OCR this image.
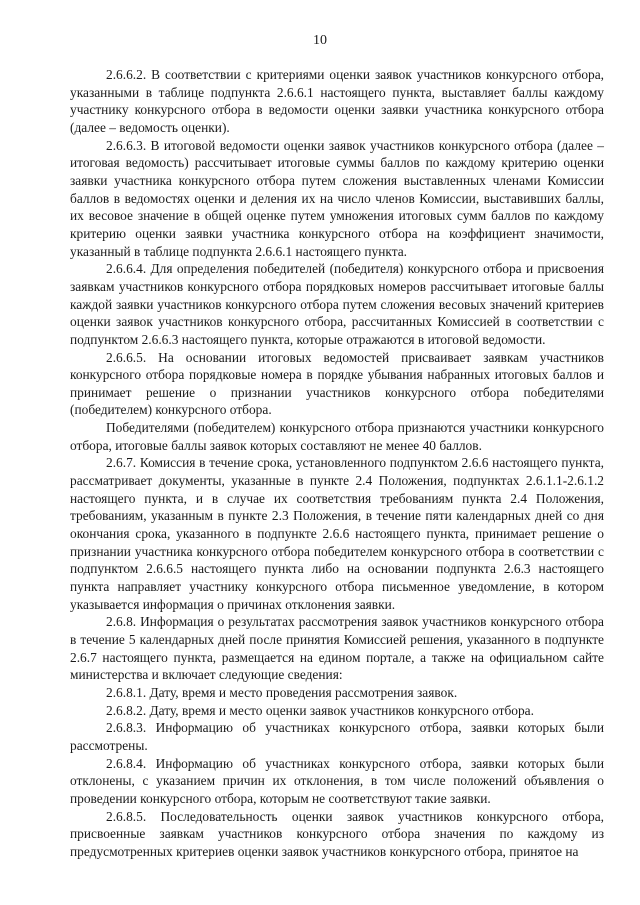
10

2.6.6.2. В соответствии с критериями оценки заявок участников конкурсного отбора, указанными в таблице подпункта 2.6.6.1 настоящего пункта, выставляет баллы каждому участнику конкурсного отбора в ведомости оценки заявки участника конкурсного отбора (далее – ведомость оценки).

2.6.6.3. В итоговой ведомости оценки заявок участников конкурсного отбора (далее – итоговая ведомость) рассчитывает итоговые суммы баллов по каждому критерию оценки заявки участника конкурсного отбора путем сложения выставленных членами Комиссии баллов в ведомостях оценки и деления их на число членов Комиссии, выставивших баллы, их весовое значение в общей оценке путем умножения итоговых сумм баллов по каждому критерию оценки заявки участника конкурсного отбора на коэффициент значимости, указанный в таблице подпункта 2.6.6.1 настоящего пункта.

2.6.6.4. Для определения победителей (победителя) конкурсного отбора и присвоения заявкам участников конкурсного отбора порядковых номеров рассчитывает итоговые баллы каждой заявки участников конкурсного отбора путем сложения весовых значений критериев оценки заявок участников конкурсного отбора, рассчитанных Комиссией в соответствии с подпунктом 2.6.6.3 настоящего пункта, которые отражаются в итоговой ведомости.

2.6.6.5. На основании итоговых ведомостей присваивает заявкам участников конкурсного отбора порядковые номера в порядке убывания набранных итоговых баллов и принимает решение о признании участников конкурсного отбора победителями (победителем) конкурсного отбора.

Победителями (победителем) конкурсного отбора признаются участники конкурсного отбора, итоговые баллы заявок которых составляют не менее 40 баллов.

2.6.7. Комиссия в течение срока, установленного подпунктом 2.6.6 настоящего пункта, рассматривает документы, указанные в пункте 2.4 Положения, подпунктах 2.6.1.1-2.6.1.2 настоящего пункта, и в случае их соответствия требованиям пункта 2.4 Положения, требованиям, указанным в пункте 2.3 Положения, в течение пяти календарных дней со дня окончания срока, указанного в подпункте 2.6.6 настоящего пункта, принимает решение о признании участника конкурсного отбора победителем конкурсного отбора в соответствии с подпунктом 2.6.6.5 настоящего пункта либо на основании подпункта 2.6.3 настоящего пункта направляет участнику конкурсного отбора письменное уведомление, в котором указывается информация о причинах отклонения заявки.

2.6.8. Информация о результатах рассмотрения заявок участников конкурсного отбора в течение 5 календарных дней после принятия Комиссией решения, указанного в подпункте 2.6.7 настоящего пункта, размещается на едином портале, а также на официальном сайте министерства и включает следующие сведения:

2.6.8.1. Дату, время и место проведения рассмотрения заявок.

2.6.8.2. Дату, время и место оценки заявок участников конкурсного отбора.

2.6.8.3. Информацию об участниках конкурсного отбора, заявки которых были рассмотрены.

2.6.8.4. Информацию об участниках конкурсного отбора, заявки которых были отклонены, с указанием причин их отклонения, в том числе положений объявления о проведении конкурсного отбора, которым не соответствуют такие заявки.

2.6.8.5. Последовательность оценки заявок участников конкурсного отбора, присвоенные заявкам участников конкурсного отбора значения по каждому из предусмотренных критериев оценки заявок участников конкурсного отбора, принятое на
